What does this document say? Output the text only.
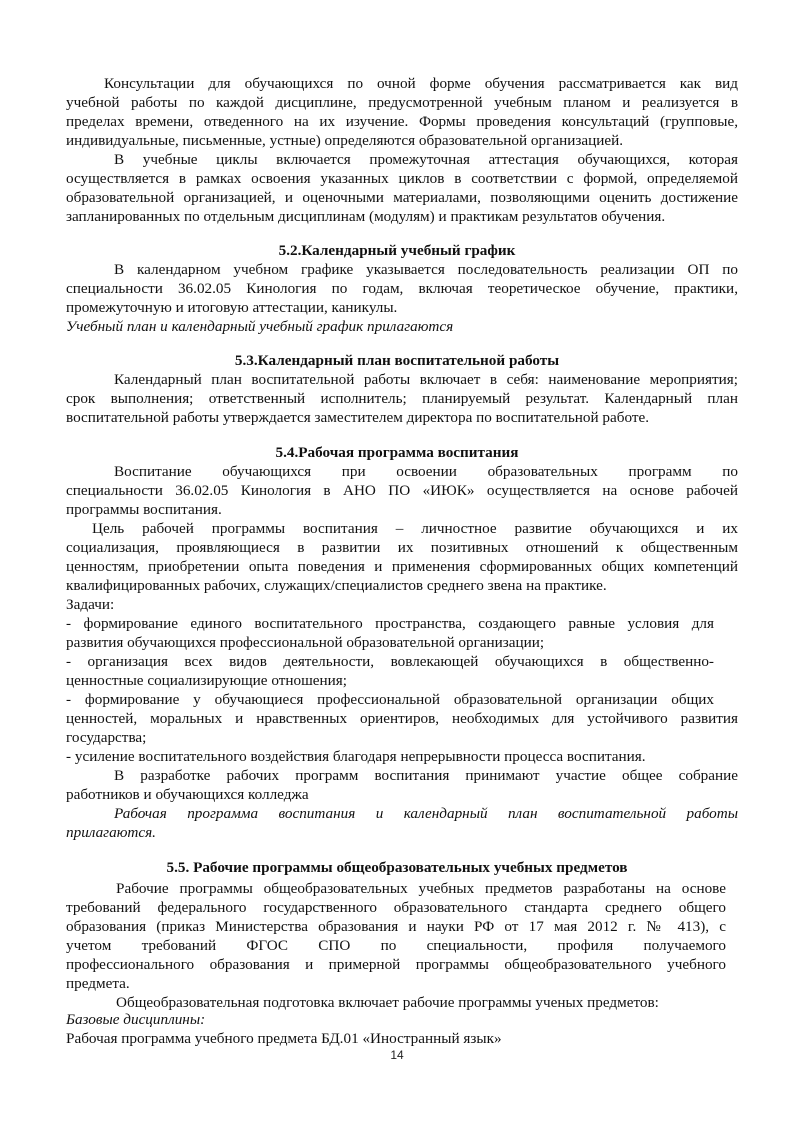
Консультации для обучающихся по очной форме обучения рассматривается как вид
учебной работы по каждой дисциплине, предусмотренной учебным планом и реализуется в
пределах времени, отведенного на их изучение. Формы проведения консультаций (групповые,
индивидуальные, письменные, устные) определяются образовательной организацией.
В учебные циклы включается промежуточная аттестация обучающихся, которая
осуществляется в рамках освоения указанных циклов в соответствии с формой, определяемой
образовательной организацией, и оценочными материалами, позволяющими оценить достижение
запланированных по отдельным дисциплинам (модулям) и практикам результатов обучения.
5.2.Календарный учебный график
В календарном учебном графике указывается последовательность реализации ОП по
специальности 36.02.05 Кинология по годам, включая теоретическое обучение, практики,
промежуточную и итоговую аттестации, каникулы.
Учебный план и календарный учебный график прилагаются
5.3.Календарный план воспитательной работы
Календарный план воспитательной работы включает в себя: наименование мероприятия;
срок выполнения; ответственный исполнитель; планируемый результат. Календарный план
воспитательной работы утверждается заместителем директора по воспитательной работе.
5.4.Рабочая программа воспитания
Воспитание обучающихся при освоении образовательных программ по
специальности 36.02.05 Кинология в АНО ПО «ИЮК» осуществляется на основе рабочей
программы воспитания.
Цель рабочей программы воспитания – личностное развитие обучающихся и их
социализация, проявляющиеся в развитии их позитивных отношений к общественным
ценностям, приобретении опыта поведения и применения сформированных общих компетенций
квалифицированных рабочих, служащих/специалистов среднего звена на практике.
Задачи:
- формирование единого воспитательного пространства, создающего равные условия для
развития обучающихся профессиональной образовательной организации;
- организация всех видов деятельности, вовлекающей обучающихся в общественно-
ценностные социализирующие отношения;
- формирование у обучающиеся профессиональной образовательной организации общих
ценностей, моральных и нравственных ориентиров, необходимых для устойчивого развития
государства;
- усиление воспитательного воздействия благодаря непрерывности процесса воспитания.
В разработке рабочих программ воспитания принимают участие общее собрание
работников и обучающихся колледжа
Рабочая программа воспитания и календарный план воспитательной работы
прилагаются.
5.5. Рабочие программы общеобразовательных учебных предметов
Рабочие программы общеобразовательных учебных предметов разработаны на основе
требований федерального государственного образовательного стандарта среднего общего
образования (приказ Министерства образования и науки РФ от 17 мая 2012 г. № 413), с
учетом требований ФГОС СПО по специальности, профиля получаемого
профессионального образования и примерной программы общеобразовательного учебного
предмета.
Общеобразовательная подготовка включает рабочие программы ученых предметов:
Базовые дисциплины:
Рабочая программа учебного предмета БД.01 «Иностранный язык»
14
